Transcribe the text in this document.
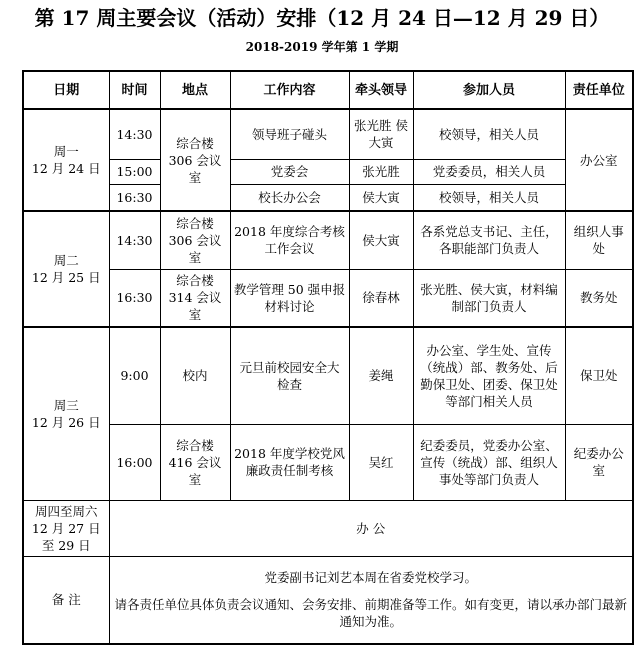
第 17 周主要会议（活动）安排（12 月 24 日—12 月 29 日）
2018-2019 学年第 1 学期
日期	时间	地点	工作内容	牵头领导	参加人员	责任单位
周一
12 月 24 日	14:30	综合楼 306 会议室	领导班子碰头	张光胜 侯大寅	校领导，相关人员	办公室
	15:00		党委会	张光胜	党委委员，相关人员	
	16:30		校长办公会	侯大寅	校领导，相关人员	
周二
12 月 25 日	14:30	综合楼 306 会议室	2018 年度综合考核工作会议	侯大寅	各系党总支书记、主任，各职能部门负责人	组织人事处
	16:30	综合楼 314 会议室	教学管理 50 强申报材料讨论	徐春林	张光胜、侯大寅，材料编制部门负责人	教务处
周三
12 月 26 日	9:00	校内	元旦前校园安全大检查	姜绳	办公室、学生处、宣传（统战）部、教务处、后勤保卫处、团委、保卫处等部门相关人员	保卫处
	16:00	综合楼 416 会议室	2018 年度学校党风廉政责任制考核	吴红	纪委委员，党委办公室、宣传（统战）部、组织人事处等部门负责人	纪委办公室
周四至周六
12 月 27 日至 29 日	办 公					
备 注	党委副书记刘艺本周在省委党校学习。
请各责任单位具体负责会议通知、会务安排、前期准备等工作。如有变更，请以承办部门最新通知为准。					
